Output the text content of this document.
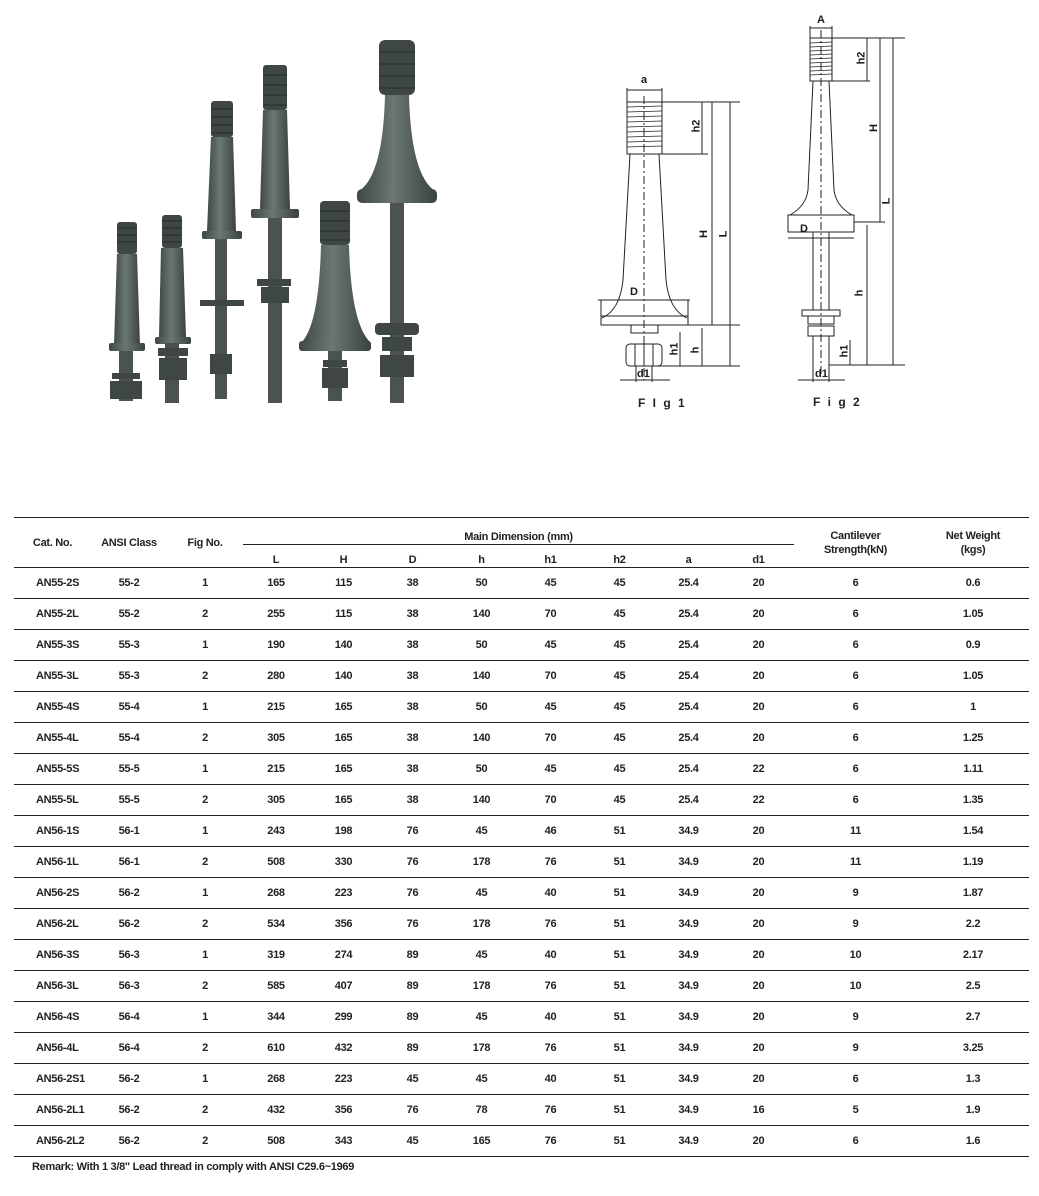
a
h2
H L
D
h
h1
d1
F I g 1
A
h2
H
L
D
h
h1
d1
F i g 2
Cat. No.	ANSI Class	Fig No.	Main Dimension (mm)	Cantilever
Strength(kN)

Net Weight
(kgs)

			L	H	D	h	h1	h2	a	d1		
AN55-2S	55-2	1	165	115	38	50	45	45	25.4	20	6	0.6
AN55-2L	55-2	2	255	115	38	140	70	45	25.4	20	6	1.05
AN55-3S	55-3	1	190	140	38	50	45	45	25.4	20	6	0.9
AN55-3L	55-3	2	280	140	38	140	70	45	25.4	20	6	1.05
AN55-4S	55-4	1	215	165	38	50	45	45	25.4	20	6	1
AN55-4L	55-4	2	305	165	38	140	70	45	25.4	20	6	1.25
AN55-5S	55-5	1	215	165	38	50	45	45	25.4	22	6	1.11
AN55-5L	55-5	2	305	165	38	140	70	45	25.4	22	6	1.35
AN56-1S	56-1	1	243	198	76	45	46	51	34.9	20	11	1.54
AN56-1L	56-1	2	508	330	76	178	76	51	34.9	20	11	1.19
AN56-2S	56-2	1	268	223	76	45	40	51	34.9	20	9	1.87
AN56-2L	56-2	2	534	356	76	178	76	51	34.9	20	9	2.2
AN56-3S	56-3	1	319	274	89	45	40	51	34.9	20	10	2.17
AN56-3L	56-3	2	585	407	89	178	76	51	34.9	20	10	2.5
AN56-4S	56-4	1	344	299	89	45	40	51	34.9	20	9	2.7
AN56-4L	56-4	2	610	432	89	178	76	51	34.9	20	9	3.25
AN56-2S1	56-2	1	268	223	45	45	40	51	34.9	20	6	1.3
AN56-2L1	56-2	2	432	356	76	78	76	51	34.9	16	5	1.9
AN56-2L2	56-2	2	508	343	45	165	76	51	34.9	20	6	1.6
Remark: With 1 3/8" Lead thread in comply with ANSI C29.6~1969
